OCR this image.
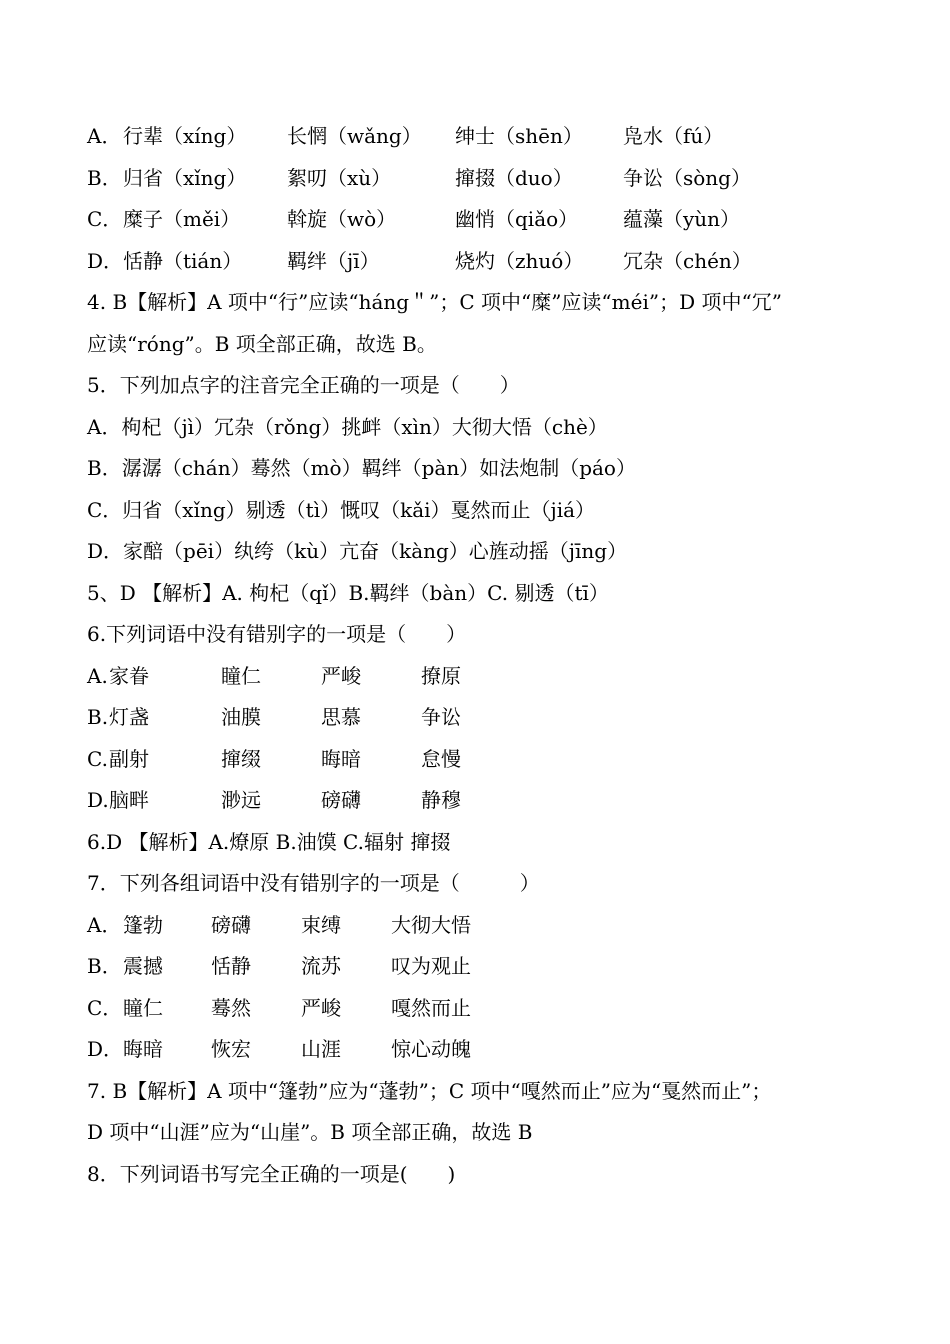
A． 行辈（xíng）	长惘（wǎng）	绅士（shēn）	凫水（fú）
B． 归省（xǐng）	絮叨（xù）	撺掇（duo）	争讼（sòng）
C． 糜子（měi）	斡旋（wò）	幽悄（qiǎo）	蕴藻（yùn）
D． 恬静（tián）	羁绊（jī）	烧灼（zhuó）	冗杂（chén）
4. B【解析】A 项中“行”应读“háng＂”；C 项中“糜”应读“méi”；D 项中“冗”
应读“róng”。B 项全部正确，故选 B。
5．下列加点字的注音完全正确的一项是（　　）
A．枸杞（jì）冗杂（rǒng）挑衅（xìn）大彻大悟（chè）
B．潺潺（chán）蓦然（mò）羁绊（pàn）如法炮制（páo）
C．归省（xǐng）剔透（tì）慨叹（kǎi）戛然而止（jiá）
D．家醅（pēi）纨绔（kù）亢奋（kàng）心旌动摇（jīng）
5、D 【解析】A. 枸杞（qǐ）B.羁绊（bàn）C. 剔透（tī）
6.下列词语中没有错别字的一项是（　　）
A. 家眷	瞳仁	严峻	撩原
B. 灯盏	油膜	思慕	争讼
C. 副射	撺缀	晦暗	怠慢
D. 脑畔	渺远	磅礴	静穆
6.D 【解析】A.燎原 B.油馍 C.辐射 撺掇
7．下列各组词语中没有错别字的一项是（　　　）
A． 篷勃	磅礴	束缚	大彻大悟
B． 震撼	恬静	流苏	叹为观止
C． 瞳仁	蓦然	严峻	嘎然而止
D． 晦暗	恢宏	山涯	惊心动魄
7. B【解析】A 项中“篷勃”应为“蓬勃”；C 项中“嘎然而止”应为“戛然而止”；
D 项中“山涯”应为“山崖”。B 项全部正确，故选 B
8．下列词语书写完全正确的一项是(　　)
